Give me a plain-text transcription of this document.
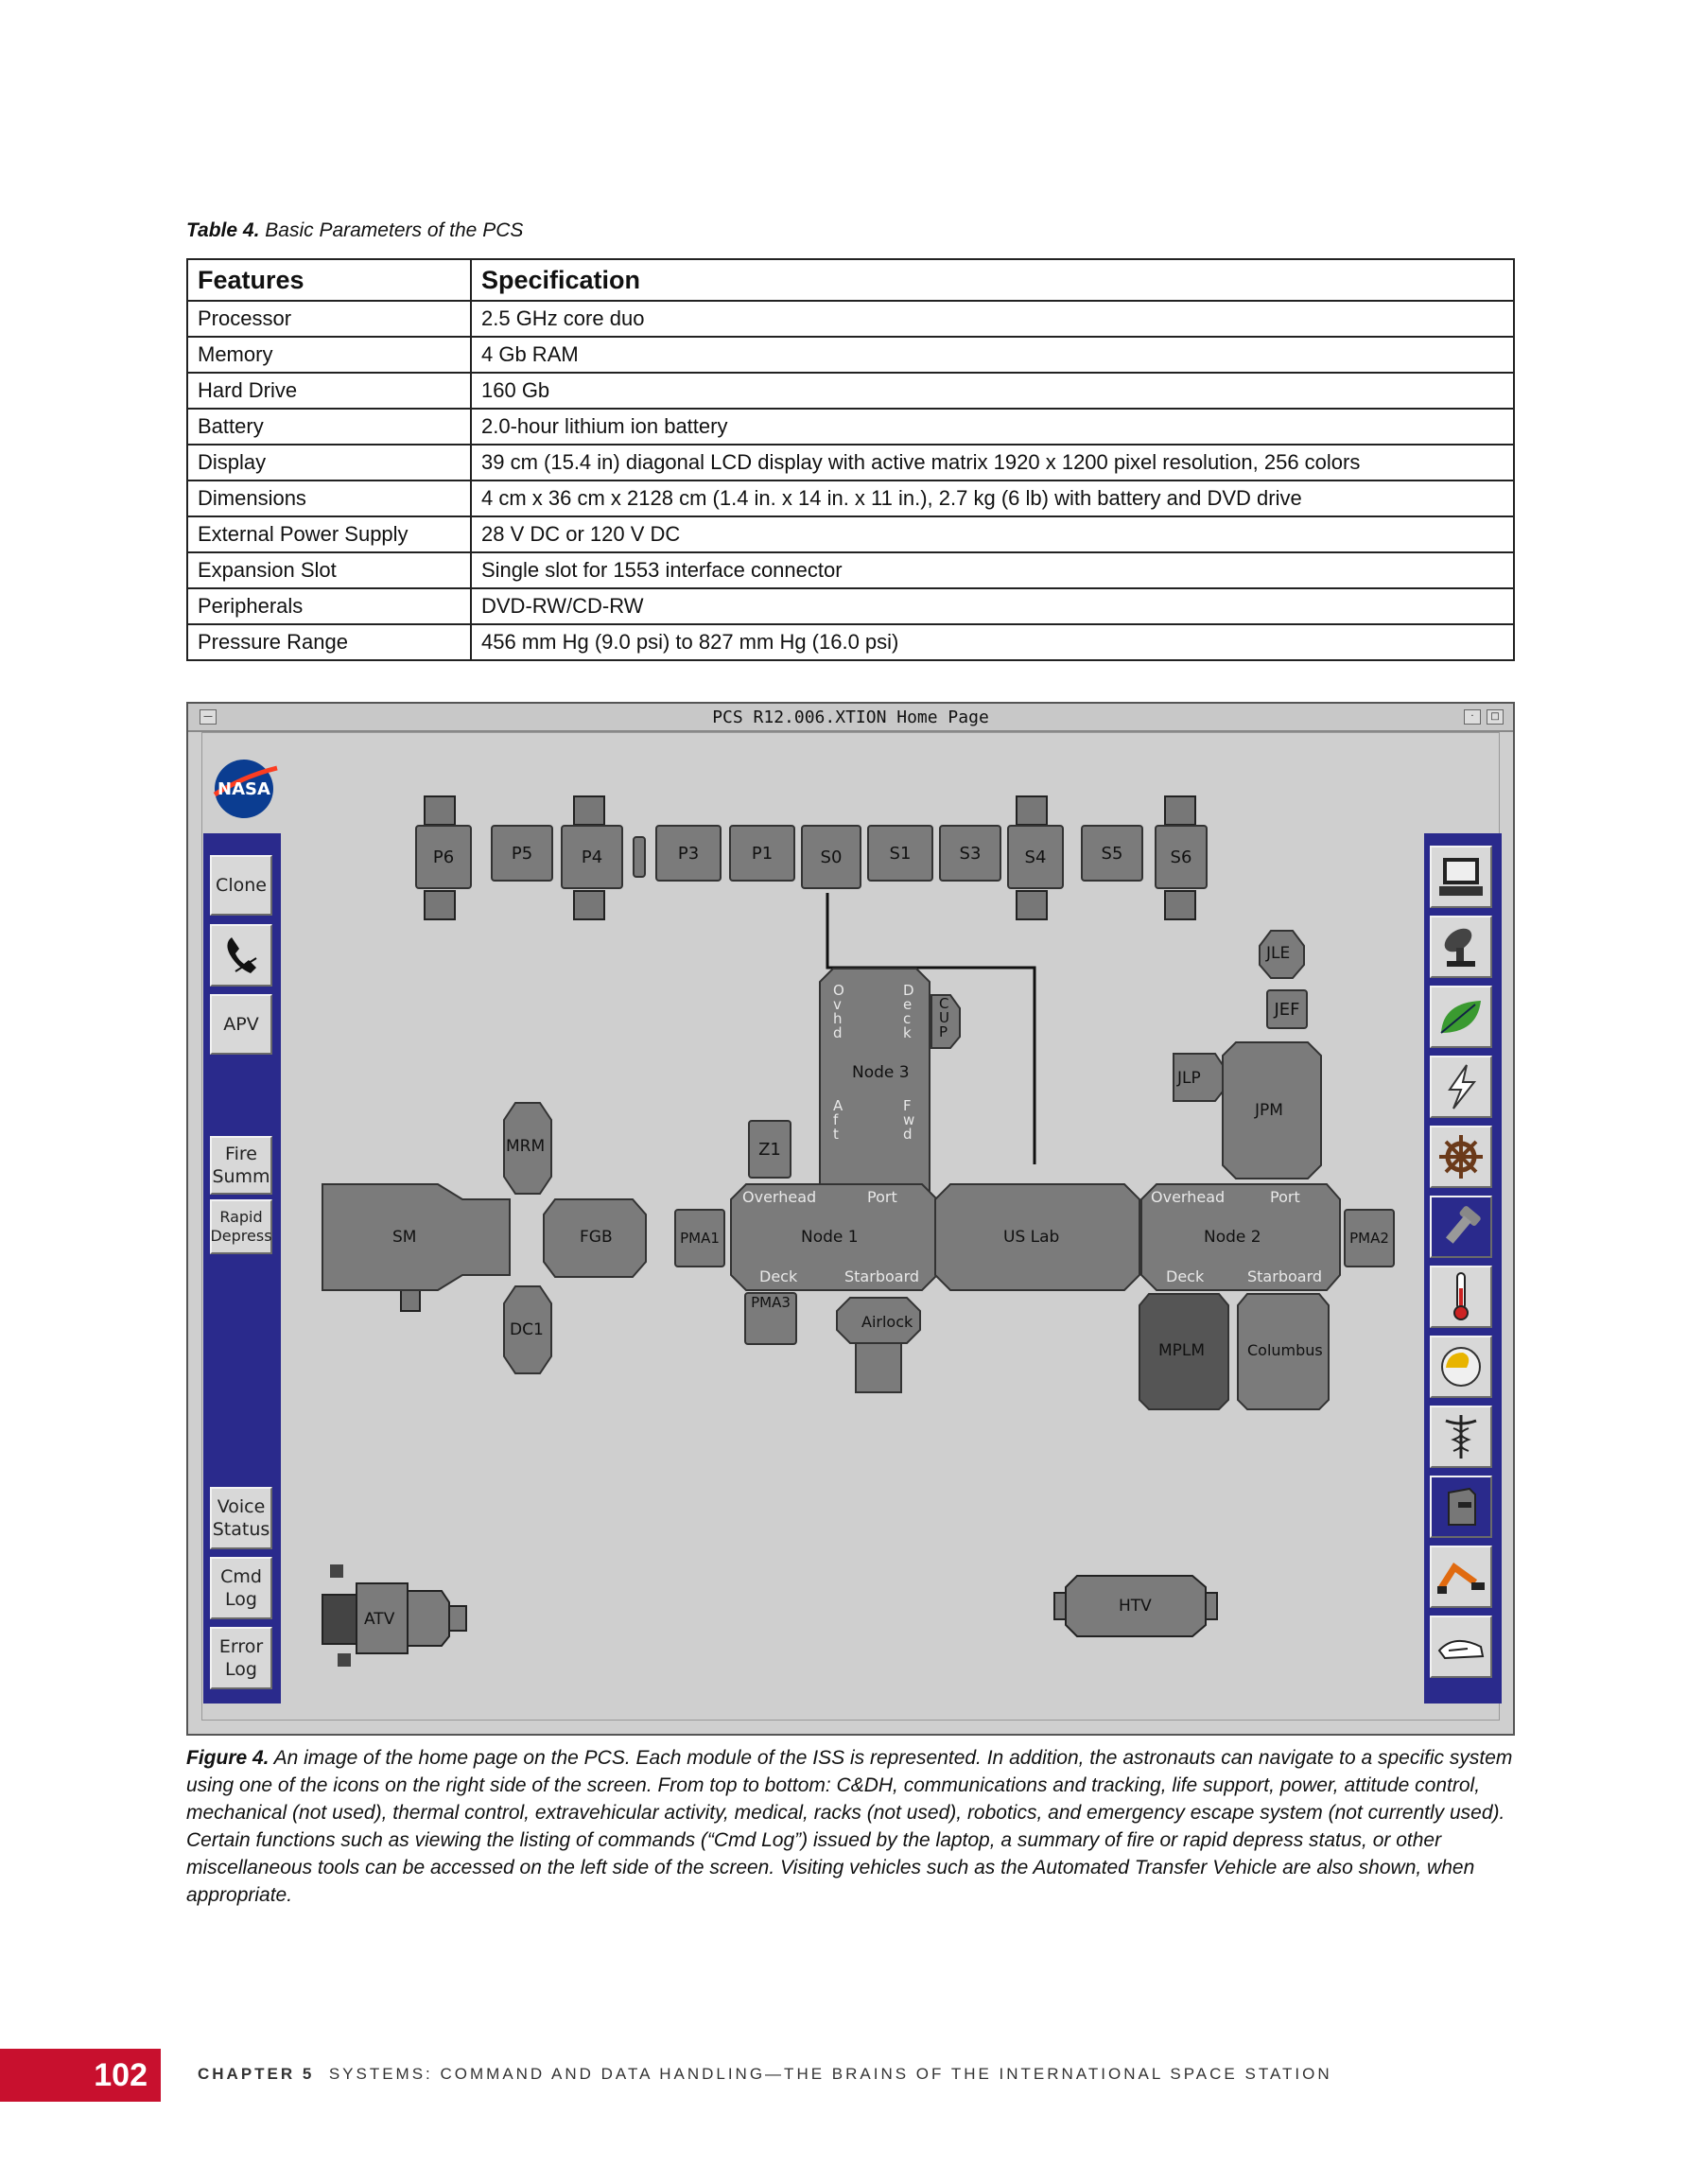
Table 4. Basic Parameters of the PCS
Features	Specification
Processor	2.5 GHz core duo
Memory	4 Gb RAM
Hard Drive	160 Gb
Battery	2.0-hour lithium ion battery
Display	39 cm (15.4 in) diagonal LCD display with active matrix 1920 x 1200 pixel resolution, 256 colors
Dimensions	4 cm x 36 cm x 2128 cm (1.4 in. x 14 in. x 11 in.), 2.7 kg (6 lb) with battery and DVD drive
External Power Supply	28 V DC or 120 V DC
Expansion Slot	Single slot for 1553 interface connector
Peripherals	DVD-RW/CD-RW
Pressure Range	456 mm Hg (9.0 psi) to 827 mm Hg (16.0 psi)
—	PCS R12.006.XTION Home Page	·	□
NASA
Clone
APV
Fire
Summ
Rapid
Depress
Voice
Status
Cmd
Log
Error
Log
P6	P5	P4	P3	P1	S0	S1	S3	S4	S5	S6
JLE
JEF
JLP
JPM
C
U
P
O
v
h
d
D
e
c
k
Node 3
A
f
t
F
w
d
Z1
MRM
SM
DC1
FGB	PMA1
Overhead	Port
Node 1
Deck	Starboard
PMA3
Airlock
US Lab
Overhead	Port
Node 2
Deck	Starboard
PMA2
MPLM	Columbus
ATV
HTV
Figure 4. An image of the home page on the PCS. Each module of the ISS is represented. In addition, the astronauts can navigate to a specific system using one of the icons on the right side of the screen. From top to bottom: C&DH, communications and tracking, life support, power, attitude control, mechanical (not used), thermal control, extravehicular activity, medical, racks (not used), robotics, and emergency escape system (not currently used). Certain functions such as viewing the listing of commands (“Cmd Log”) issued by the laptop, a summary of fire or rapid depress status, or other miscellaneous tools can be accessed on the left side of the screen. Visiting vehicles such as the Automated Transfer Vehicle are also shown, when appropriate.
102	CHAPTER 5 SYSTEMS: COMMAND AND DATA HANDLING—THE BRAINS OF THE INTERNATIONAL SPACE STATION
